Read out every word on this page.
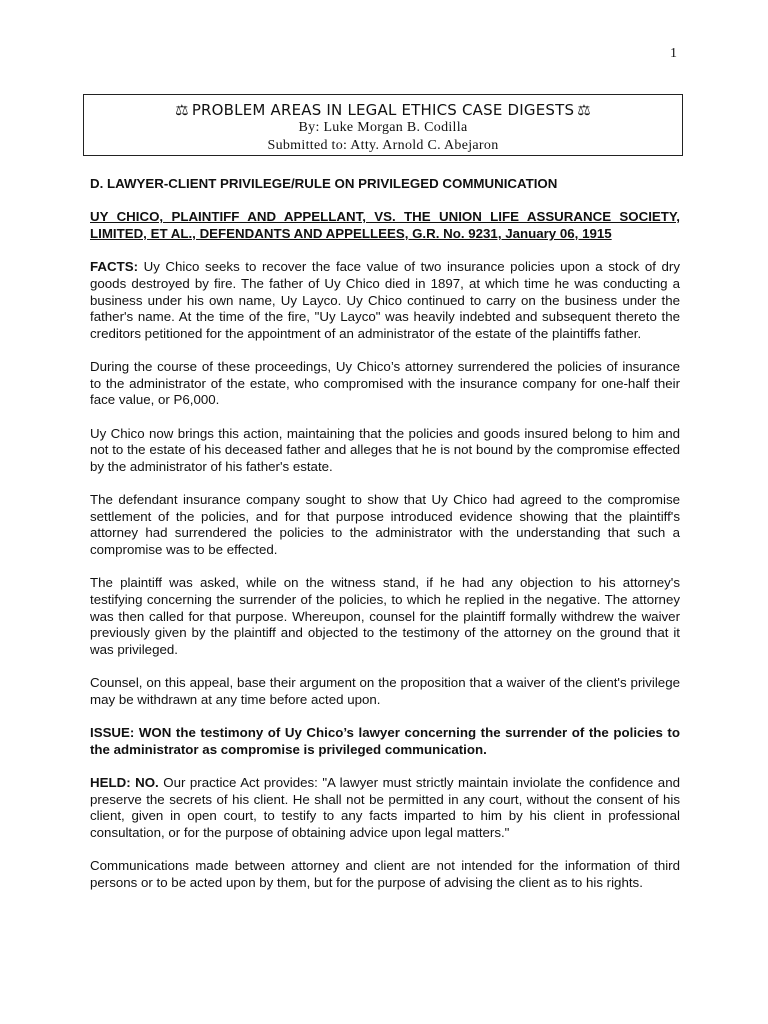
1
⚖ PROBLEM AREAS IN LEGAL ETHICS CASE DIGESTS ⚖
By: Luke Morgan B. Codilla
Submitted to: Atty. Arnold C. Abejaron

D. LAWYER-CLIENT PRIVILEGE/RULE ON PRIVILEGED COMMUNICATION

UY CHICO, PLAINTIFF AND APPELLANT, VS. THE UNION LIFE ASSURANCE SOCIETY, LIMITED, ET AL., DEFENDANTS AND APPELLEES, G.R. No. 9231, January 06, 1915

FACTS: Uy Chico seeks to recover the face value of two insurance policies upon a stock of dry goods destroyed by fire. The father of Uy Chico died in 1897, at which time he was conducting a business under his own name, Uy Layco. Uy Chico continued to carry on the business under the father's name. At the time of the fire, "Uy Layco" was heavily indebted and subsequent thereto the creditors petitioned for the appointment of an administrator of the estate of the plaintiffs father.

During the course of these proceedings, Uy Chico’s attorney surrendered the policies of insurance to the administrator of the estate, who compromised with the insurance company for one-half their face value, or P6,000.

Uy Chico now brings this action, maintaining that the policies and goods insured belong to him and not to the estate of his deceased father and alleges that he is not bound by the compromise effected by the administrator of his father's estate.

The defendant insurance company sought to show that Uy Chico had agreed to the compromise settlement of the policies, and for that purpose introduced evidence showing that the plaintiff's attorney had surrendered the policies to the administrator with the understanding that such a compromise was to be effected.

The plaintiff was asked, while on the witness stand, if he had any objection to his attorney's testifying concerning the surrender of the policies, to which he replied in the negative. The attorney was then called for that purpose. Whereupon, counsel for the plaintiff formally withdrew the waiver previously given by the plaintiff and objected to the testimony of the attorney on the ground that it was privileged.

Counsel, on this appeal, base their argument on the proposition that a waiver of the client's privilege may be withdrawn at any time before acted upon.

ISSUE: WON the testimony of Uy Chico’s lawyer concerning the surrender of the policies to the administrator as compromise is privileged communication.

HELD: NO. Our practice Act provides: "A lawyer must strictly maintain inviolate the confidence and preserve the secrets of his client. He shall not be permitted in any court, without the consent of his client, given in open court, to testify to any facts imparted to him by his client in professional consultation, or for the purpose of obtaining advice upon legal matters."

Communications made between attorney and client are not intended for the information of third persons or to be acted upon by them, but for the purpose of advising the client as to his rights.
